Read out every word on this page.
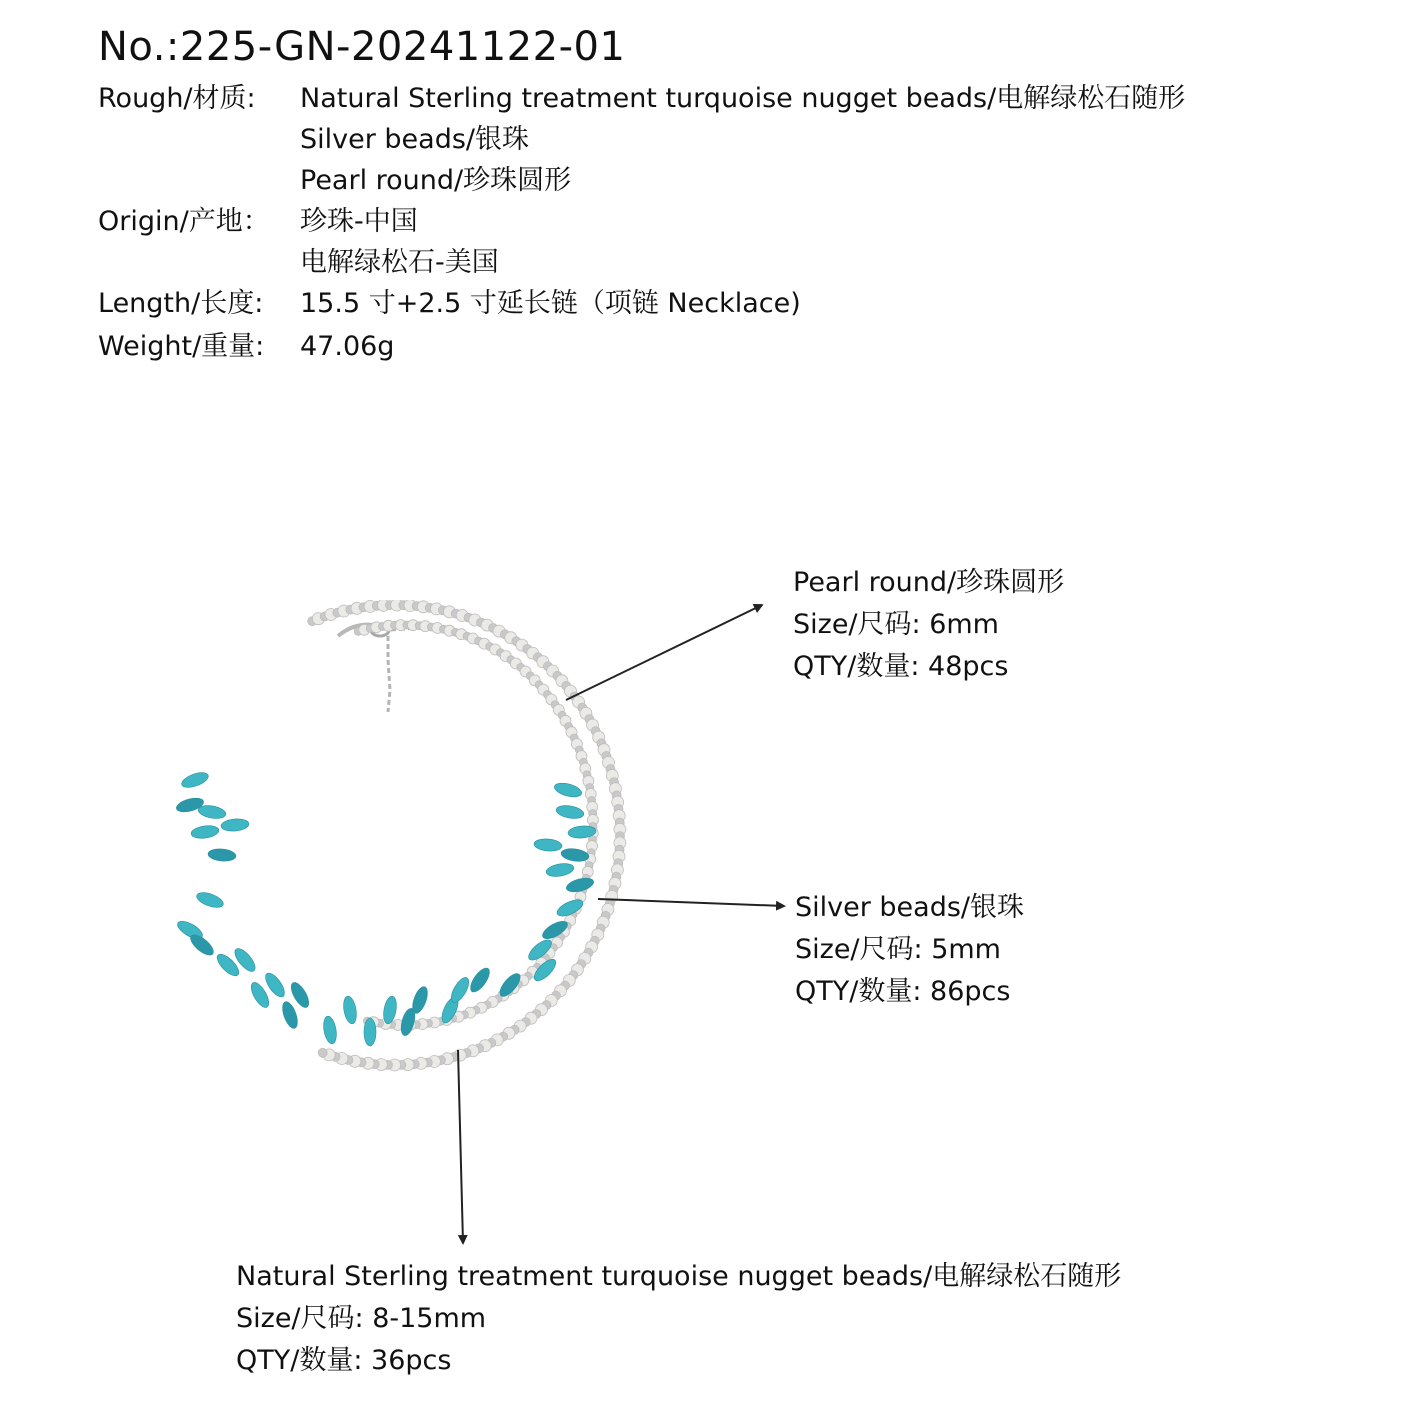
No.:225-GN-20241122-01
Rough/材质: Natural Sterling treatment turquoise nugget beads/电解绿松石随形
Silver beads/银珠
Pearl round/珍珠圆形
Origin/产地： 珍珠-中国
电解绿松石-美国
Length/长度: 15.5 寸+2.5 寸延长链（项链 Necklace)
Weight/重量: 47.06g
Pearl round/珍珠圆形
Size/尺码: 6mm
QTY/数量: 48pcs
Silver beads/银珠
Size/尺码: 5mm
QTY/数量: 86pcs
Natural Sterling treatment turquoise nugget beads/电解绿松石随形
Size/尺码: 8-15mm
QTY/数量: 36pcs
